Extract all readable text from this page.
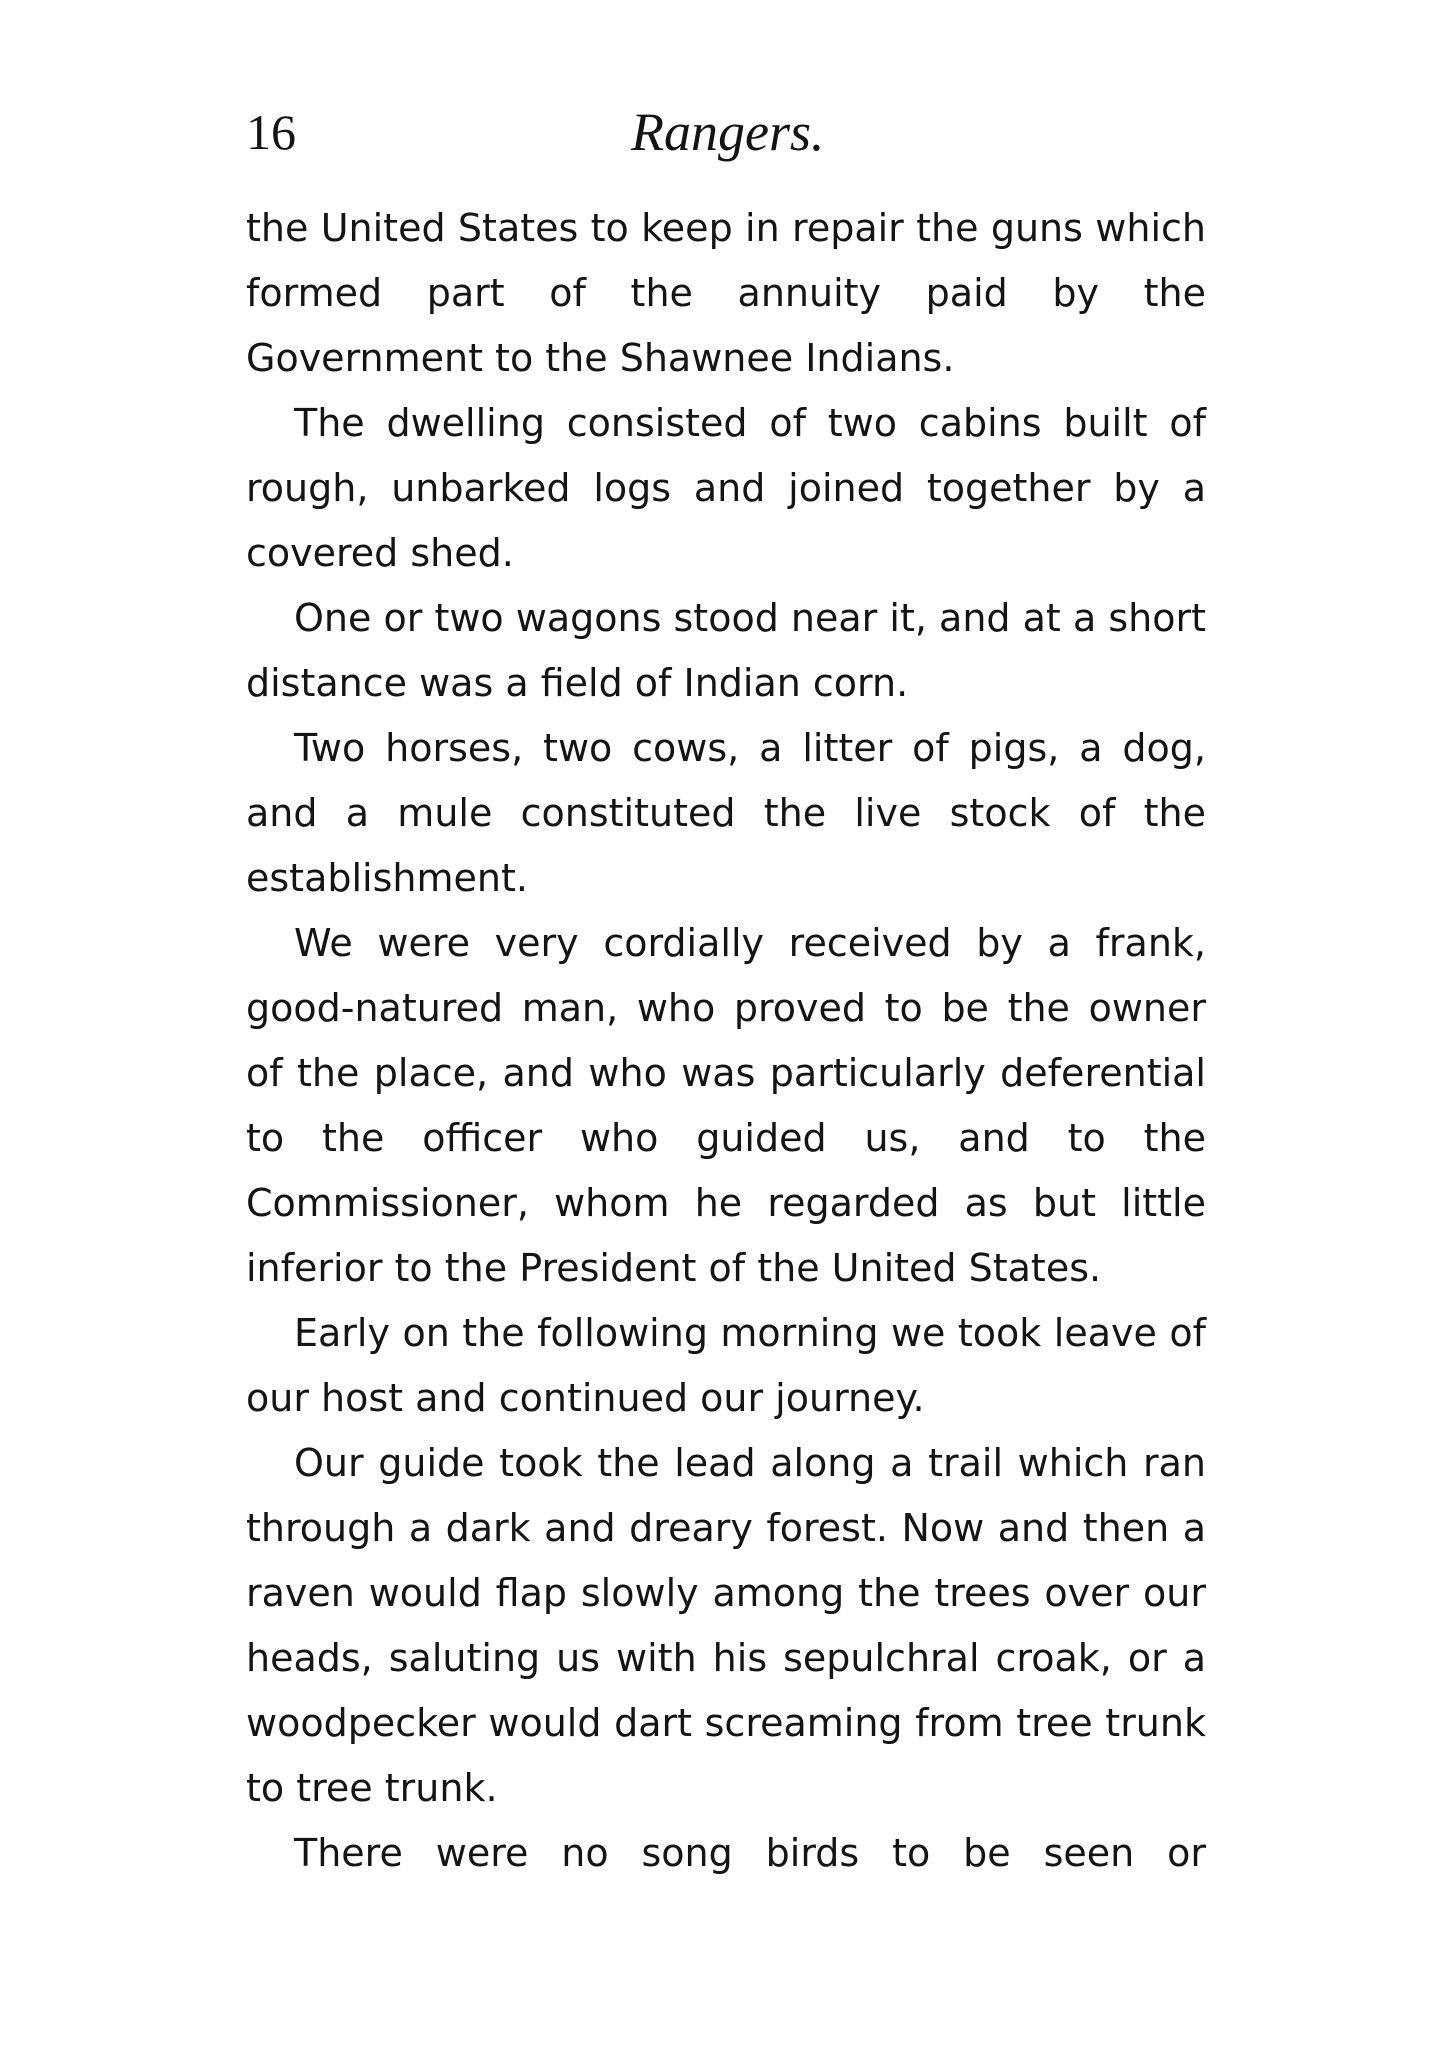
16	Rangers.

the United States to keep in repair the guns which formed part of the annuity paid by the Government to the Shawnee Indians.

The dwelling consisted of two cabins built of rough, unbarked logs and joined together by a covered shed.

One or two wagons stood near it, and at a short distance was a field of Indian corn.

Two horses, two cows, a litter of pigs, a dog, and a mule constituted the live stock of the establishment.

We were very cordially received by a frank, good-natured man, who proved to be the owner of the place, and who was particularly deferential to the officer who guided us, and to the Commissioner, whom he regarded as but little inferior to the President of the United States.

Early on the following morning we took leave of our host and continued our journey.

Our guide took the lead along a trail which ran through a dark and dreary forest. Now and then a raven would flap slowly among the trees over our heads, saluting us with his sepulchral croak, or a woodpecker would dart screaming from tree trunk to tree trunk.

There were no song birds to be seen or
